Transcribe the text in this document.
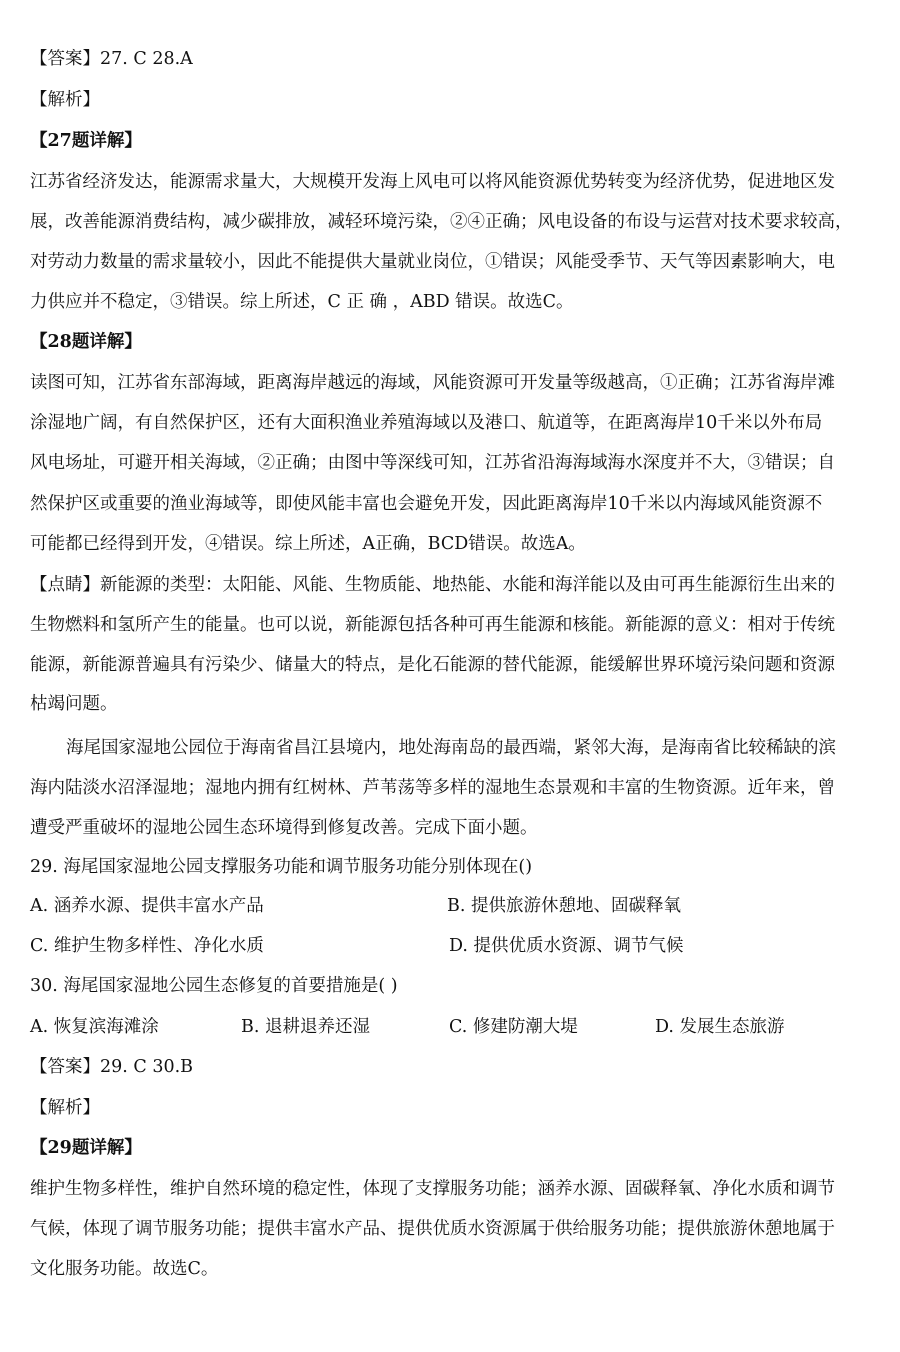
【答案】27. C 28.A

【解析】

【27题详解】

江苏省经济发达，能源需求量大，大规模开发海上风电可以将风能资源优势转变为经济优势，促进地区发

展，改善能源消费结构，减少碳排放，减轻环境污染，②④正确；风电设备的布设与运营对技术要求较高，

对劳动力数量的需求量较小，因此不能提供大量就业岗位，①错误；风能受季节、天气等因素影响大，电

力供应并不稳定，③错误。综上所述，C 正 确 ，ABD 错误。故选C。

【28题详解】

读图可知，江苏省东部海域，距离海岸越远的海域，风能资源可开发量等级越高，①正确；江苏省海岸滩

涂湿地广阔，有自然保护区，还有大面积渔业养殖海域以及港口、航道等，在距离海岸10千米以外布局

风电场址，可避开相关海域，②正确；由图中等深线可知，江苏省沿海海域海水深度并不大，③错误；自

然保护区或重要的渔业海域等，即使风能丰富也会避免开发，因此距离海岸10千米以内海域风能资源不

可能都已经得到开发，④错误。综上所述，A正确，BCD错误。故选A。

【点睛】新能源的类型：太阳能、风能、生物质能、地热能、水能和海洋能以及由可再生能源衍生出来的

生物燃料和氢所产生的能量。也可以说，新能源包括各种可再生能源和核能。新能源的意义：相对于传统

能源，新能源普遍具有污染少、储量大的特点，是化石能源的替代能源，能缓解世界环境污染问题和资源

枯竭问题。

海尾国家湿地公园位于海南省昌江县境内，地处海南岛的最西端，紧邻大海，是海南省比较稀缺的滨

海内陆淡水沼泽湿地；湿地内拥有红树林、芦苇荡等多样的湿地生态景观和丰富的生物资源。近年来，曾

遭受严重破坏的湿地公园生态环境得到修复改善。完成下面小题。

29. 海尾国家湿地公园支撑服务功能和调节服务功能分别体现在()

A. 涵养水源、提供丰富水产品	B. 提供旅游休憩地、固碳释氧
C. 维护生物多样性、净化水质	D. 提供优质水资源、调节气候

30. 海尾国家湿地公园生态修复的首要措施是( )

A. 恢复滨海滩涂	B. 退耕退养还湿	C. 修建防潮大堤	D. 发展生态旅游

【答案】29. C 30.B

【解析】

【29题详解】

维护生物多样性，维护自然环境的稳定性，体现了支撑服务功能；涵养水源、固碳释氧、净化水质和调节

气候，体现了调节服务功能；提供丰富水产品、提供优质水资源属于供给服务功能；提供旅游休憩地属于

文化服务功能。故选C。
